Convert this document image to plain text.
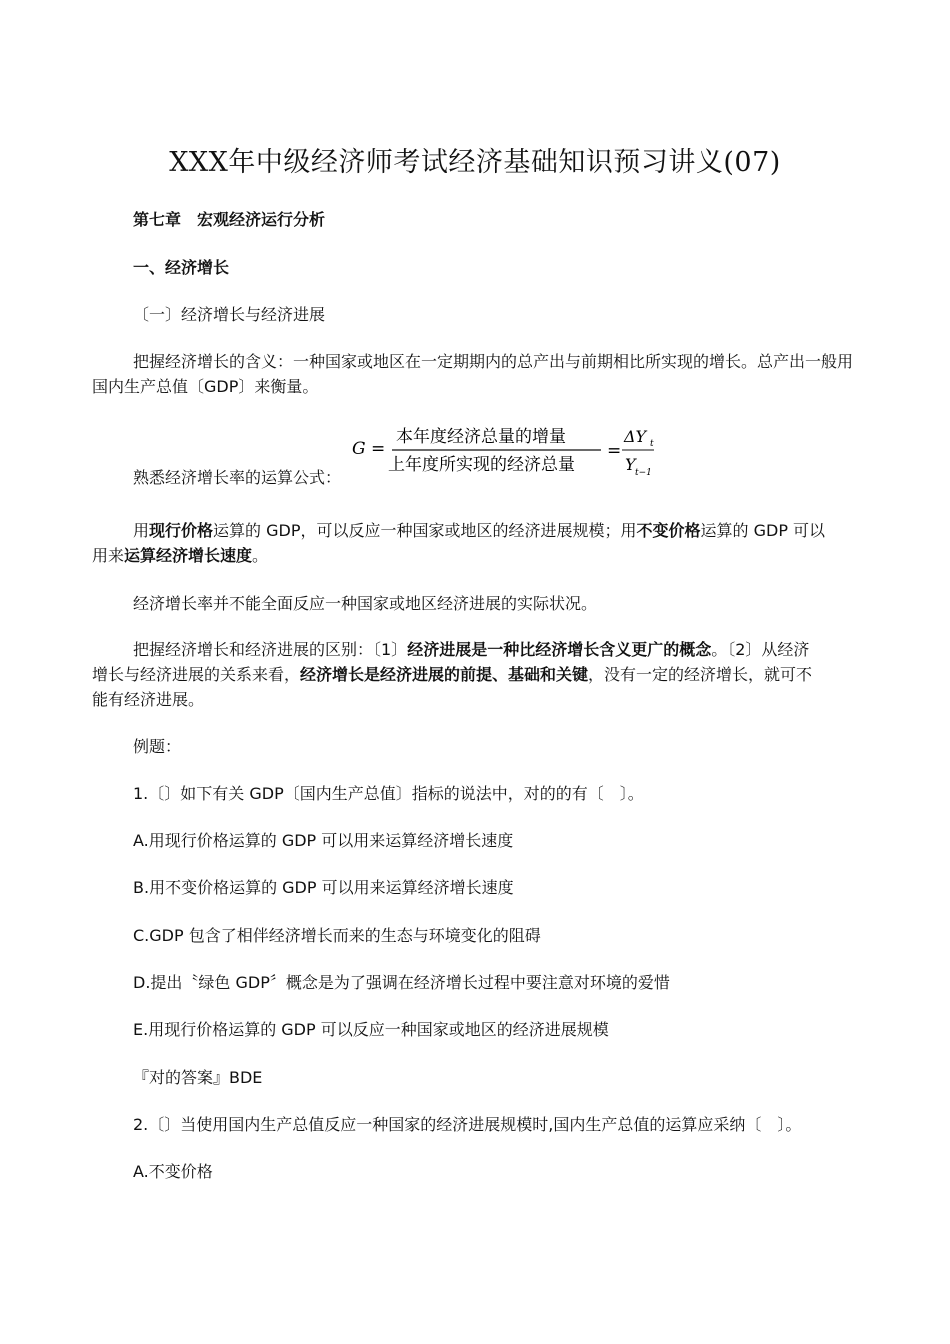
XXX年中级经济师考试经济基础知识预习讲义(07)
第七章　宏观经济运行分析
一、经济增长
〔一〕经济增长与经济进展
把握经济增长的含义：一种国家或地区在一定期期内的总产出与前期相比所实现的增长。总产出一般用国内生产总值〔GDP〕来衡量。
熟悉经济增长率的运算公式：
G =
本年度经济总量的增量
上年度所实现的经济总量
=
ΔY t
Y t−1
用现行价格运算的 GDP，可以反应一种国家或地区的经济进展规模；用不变价格运算的 GDP 可以
用来运算经济增长速度。
经济增长率并不能全面反应一种国家或地区经济进展的实际状况。
把握经济增长和经济进展的区别：〔1〕经济进展是一种比经济增长含义更广的概念。〔2〕从经济
增长与经济进展的关系来看，经济增长是经济进展的前提、基础和关键，没有一定的经济增长，就可不
能有经济进展。
例题：
1.〔〕如下有关 GDP〔国内生产总值〕指标的说法中，对的的有〔　〕。
A.用现行价格运算的 GDP 可以用来运算经济增长速度
B.用不变价格运算的 GDP 可以用来运算经济增长速度
C.GDP 包含了相伴经济增长而来的生态与环境变化的阻碍
D.提出〝绿色 GDP〞概念是为了强调在经济增长过程中要注意对环境的爱惜
E.用现行价格运算的 GDP 可以反应一种国家或地区的经济进展规模
『对的答案』BDE
2.〔〕当使用国内生产总值反应一种国家的经济进展规模时,国内生产总值的运算应采纳〔　〕。
A.不变价格
